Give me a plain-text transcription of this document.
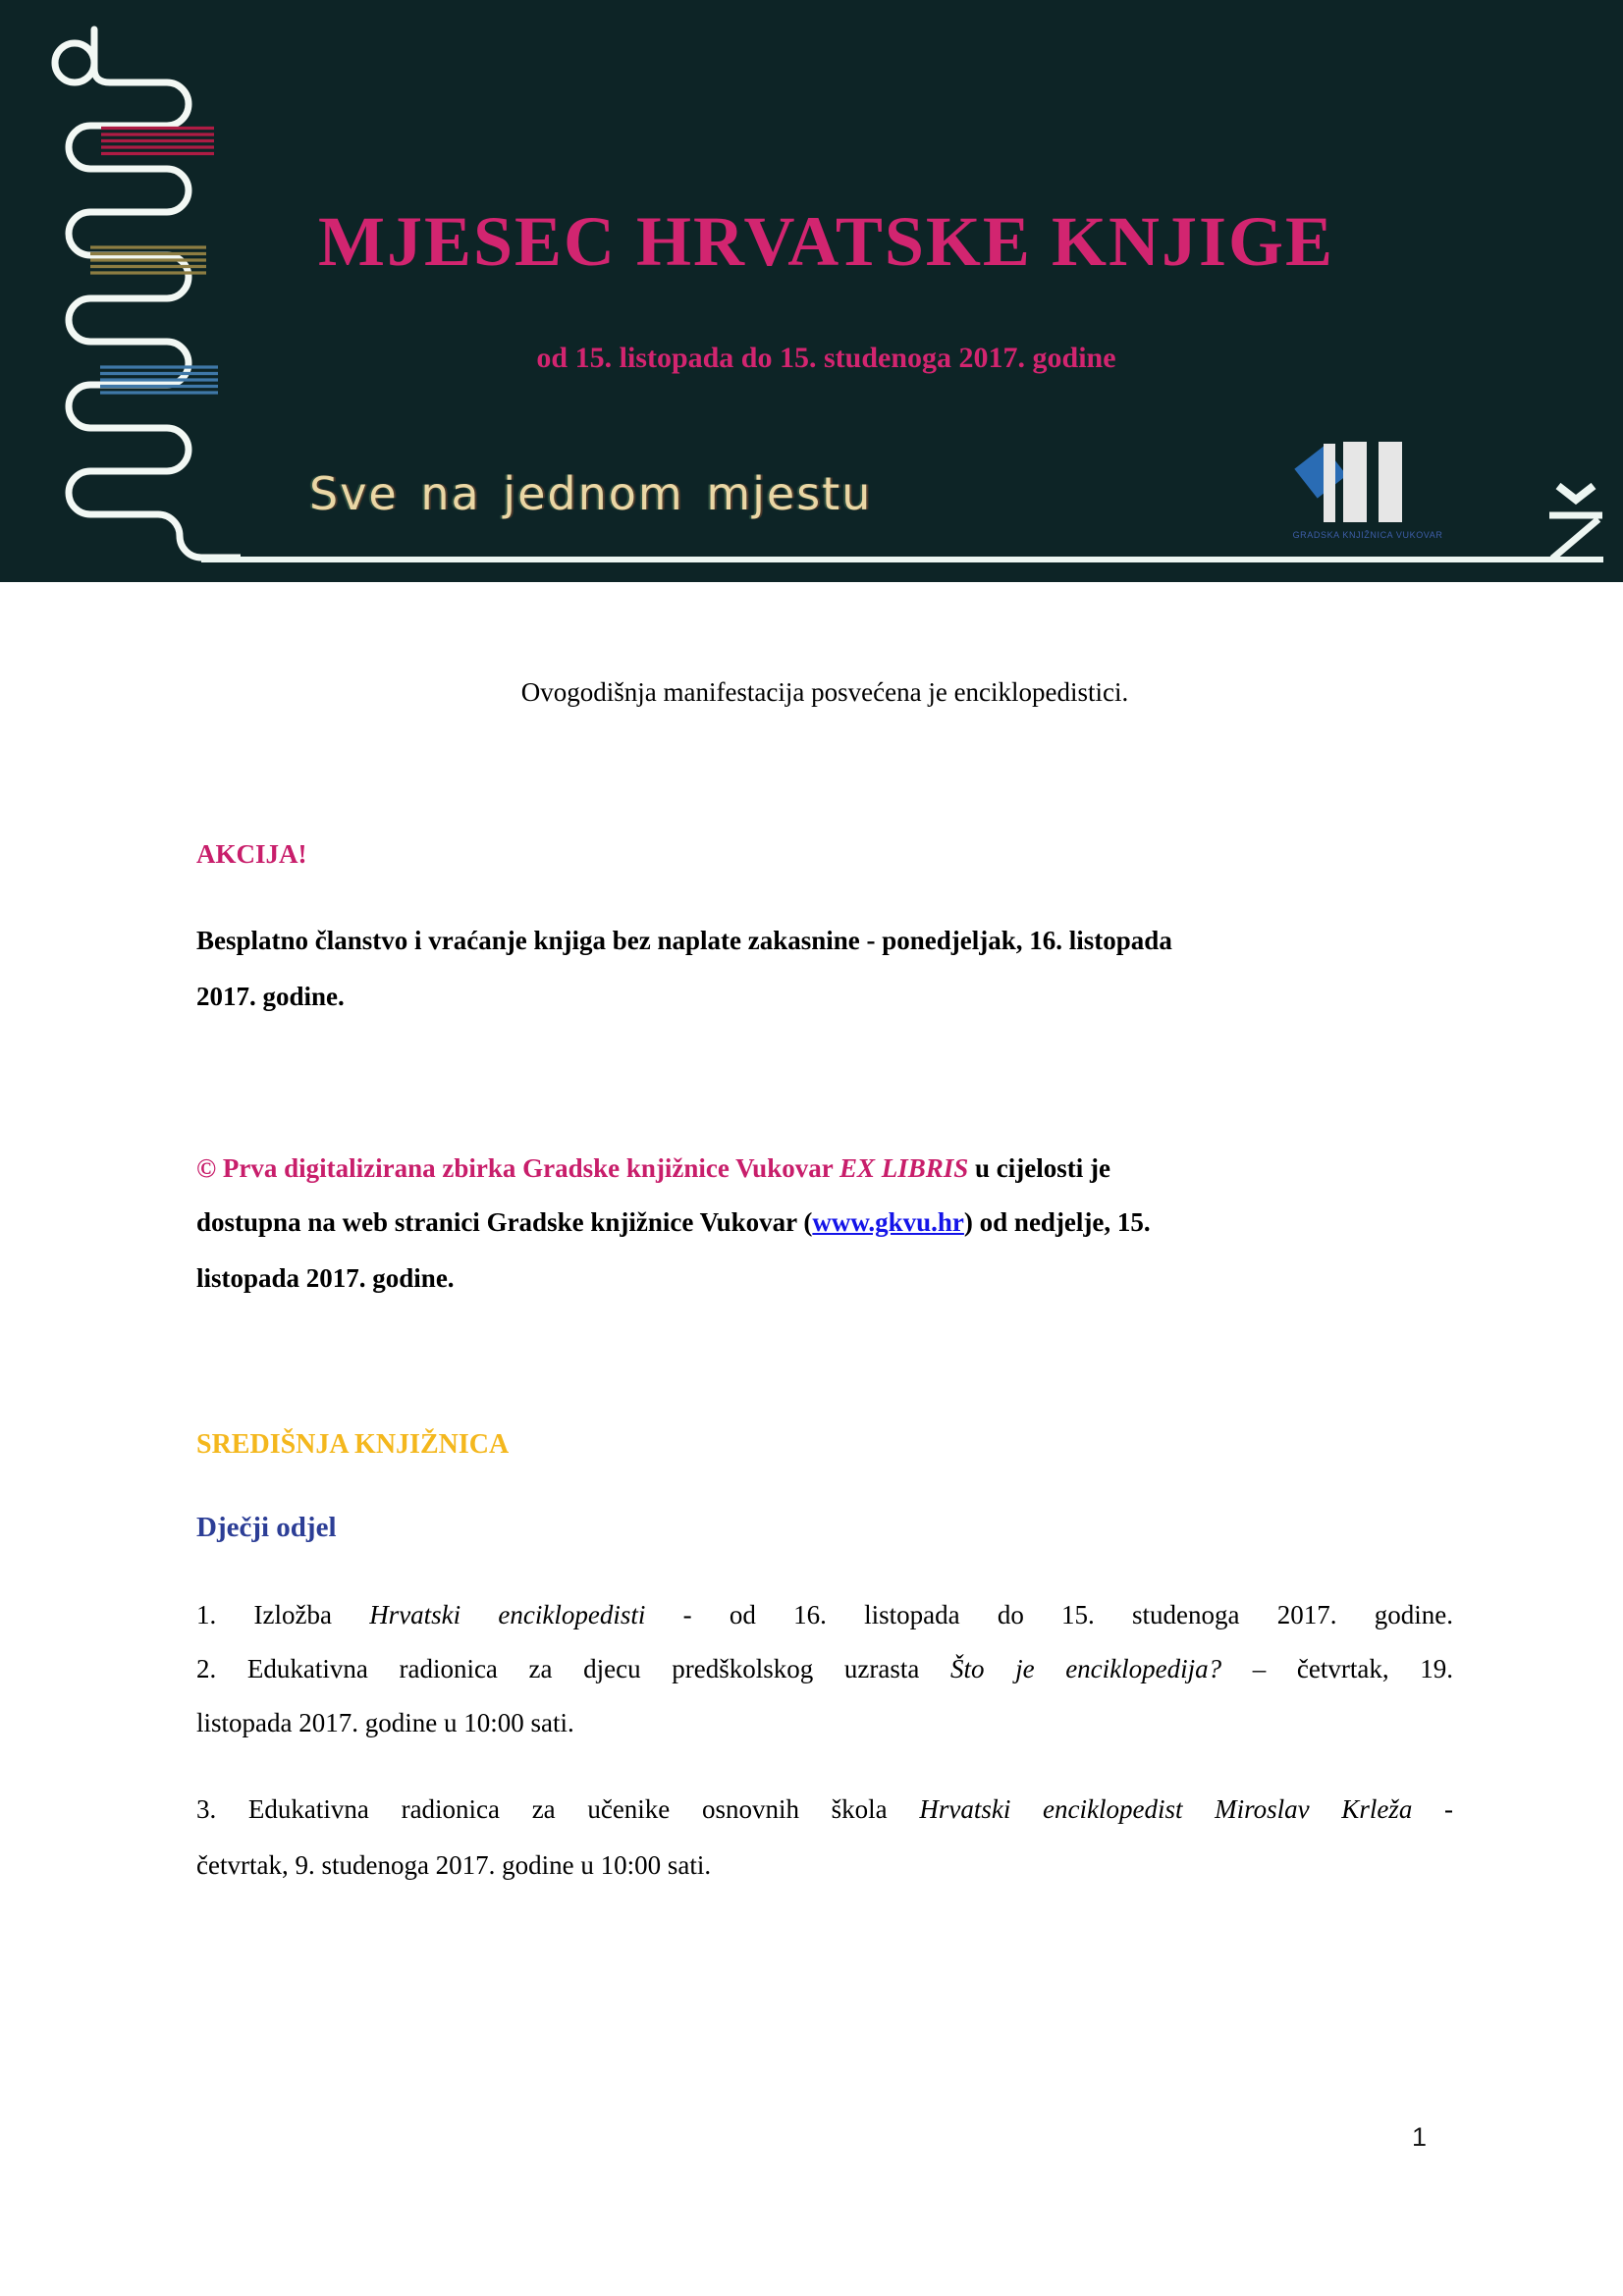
MJESEC HRVATSKE KNJIGE
od 15. listopada do 15. studenoga 2017. godine
Sve na jednom mjestu
GRADSKA KNJIŽNICA VUKOVAR
Ovogodišnja manifestacija posvećena je enciklopedistici.
AKCIJA!
Besplatno članstvo i vraćanje knjiga bez naplate zakasnine - ponedjeljak, 16. listopada
2017. godine.
© Prva digitalizirana zbirka Gradske knjižnice Vukovar EX LIBRIS u cijelosti je
dostupna na web stranici Gradske knjižnice Vukovar (www.gkvu.hr) od nedjelje, 15.
listopada 2017. godine.
SREDIŠNJA KNJIŽNICA
Dječji odjel
1. Izložba Hrvatski enciklopedisti - od 16. listopada do 15. studenoga 2017. godine.
2. Edukativna radionica za djecu predškolskog uzrasta Što je enciklopedija? – četvrtak, 19.
listopada 2017. godine u 10:00 sati.
3. Edukativna radionica za učenike osnovnih škola Hrvatski enciklopedist Miroslav Krleža -
četvrtak, 9. studenoga 2017. godine u 10:00 sati.
1
